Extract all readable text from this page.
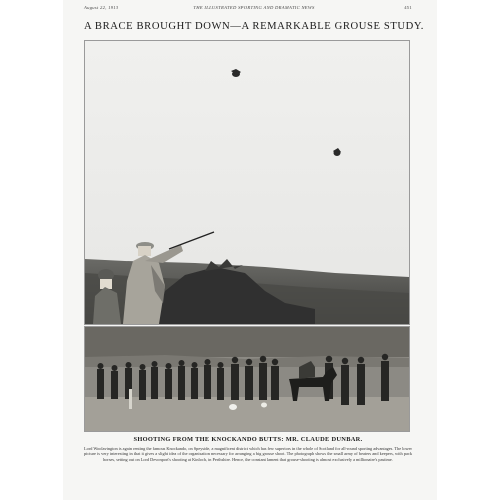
August 22, 1913	THE ILLUSTRATED SPORTING AND DRAMATIC NEWS	451
A BRACE BROUGHT DOWN—A REMARKABLE GROUSE STUDY.
SHOOTING FROM THE KNOCKANDO BUTTS: MR. CLAUDE DUNBAR.
Lord Woolavington is again renting the famous Knockando, on Speyside, a magnificent district which has few superiors in the whole of Scotland for all-round sporting advantages. The lower picture is very interesting in that it gives a slight idea of the organisation necessary for arranging a big grouse shoot. The photograph shows the small army of beaters and keepers, with pack horses, setting out on Lord Devonport's shooting at Kinloch, in Perthshire. Hence, the constant lament that grouse-shooting is almost exclusively a millionaire's pastime.
